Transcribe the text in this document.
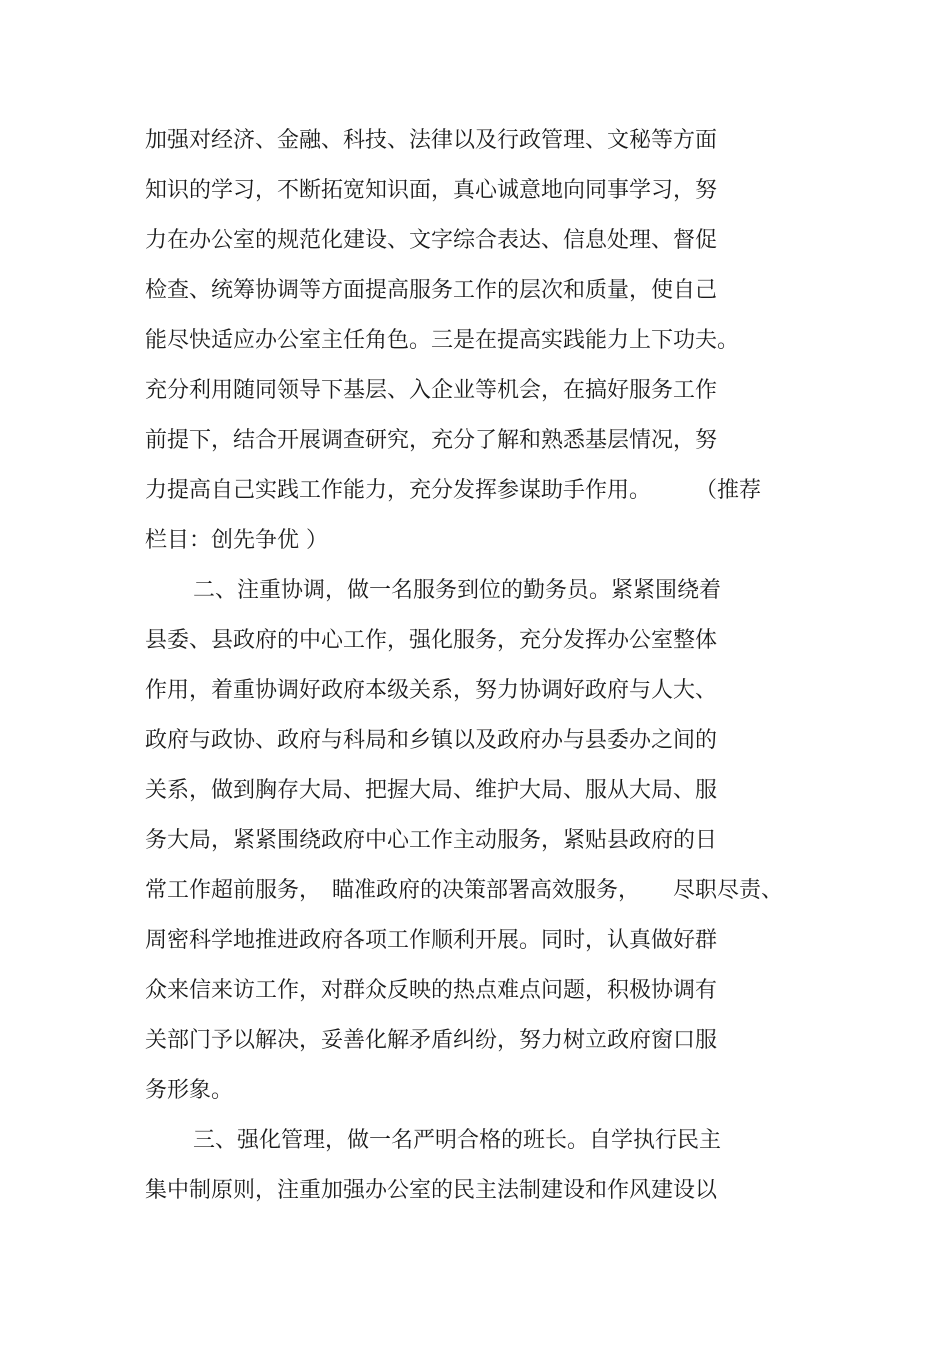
加强对经济、金融、科技、法律以及行政管理、文秘等方面
知识的学习，不断拓宽知识面，真心诚意地向同事学习，努
力在办公室的规范化建设、文字综合表达、信息处理、督促
检查、统筹协调等方面提高服务工作的层次和质量，使自己
能尽快适应办公室主任角色。三是在提高实践能力上下功夫。
充分利用随同领导下基层、入企业等机会，在搞好服务工作
前提下，结合开展调查研究，充分了解和熟悉基层情况，努
力提高自己实践工作能力，充分发挥参谋助手作用。　　　（推荐
栏目：创先争优 ）
二、注重协调，做一名服务到位的勤务员。紧紧围绕着
县委、县政府的中心工作，强化服务，充分发挥办公室整体
作用，着重协调好政府本级关系，努力协调好政府与人大、
政府与政协、政府与科局和乡镇以及政府办与县委办之间的
关系，做到胸存大局、把握大局、维护大局、服从大局、服
务大局，紧紧围绕政府中心工作主动服务，紧贴县政府的日
常工作超前服务，　瞄准政府的决策部署高效服务，　　尽职尽责、
周密科学地推进政府各项工作顺利开展。同时，认真做好群
众来信来访工作，对群众反映的热点难点问题，积极协调有
关部门予以解决，妥善化解矛盾纠纷，努力树立政府窗口服
务形象。
三、强化管理，做一名严明合格的班长。自学执行民主
集中制原则，注重加强办公室的民主法制建设和作风建设以
